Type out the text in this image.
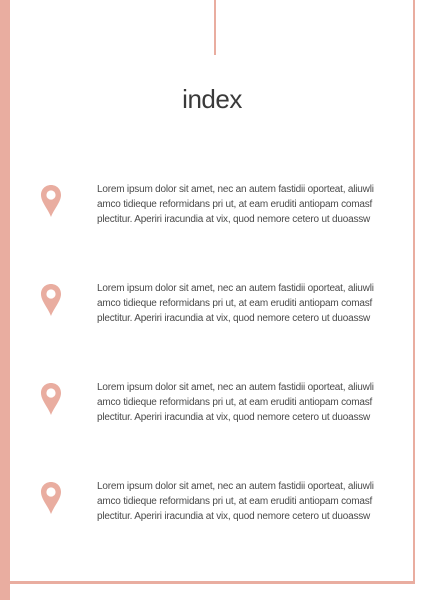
index
Lorem ipsum dolor sit amet, nec an autem fastidii oporteat, aliuwli amco tidieque reformidans pri ut, at eam eruditi antiopam comasf plectitur. Aperiri iracundia at vix, quod nemore cetero ut duoassw
Lorem ipsum dolor sit amet, nec an autem fastidii oporteat, aliuwli amco tidieque reformidans pri ut, at eam eruditi antiopam comasf plectitur. Aperiri iracundia at vix, quod nemore cetero ut duoassw
Lorem ipsum dolor sit amet, nec an autem fastidii oporteat, aliuwli amco tidieque reformidans pri ut, at eam eruditi antiopam comasf plectitur. Aperiri iracundia at vix, quod nemore cetero ut duoassw
Lorem ipsum dolor sit amet, nec an autem fastidii oporteat, aliuwli amco tidieque reformidans pri ut, at eam eruditi antiopam comasf plectitur. Aperiri iracundia at vix, quod nemore cetero ut duoassw
